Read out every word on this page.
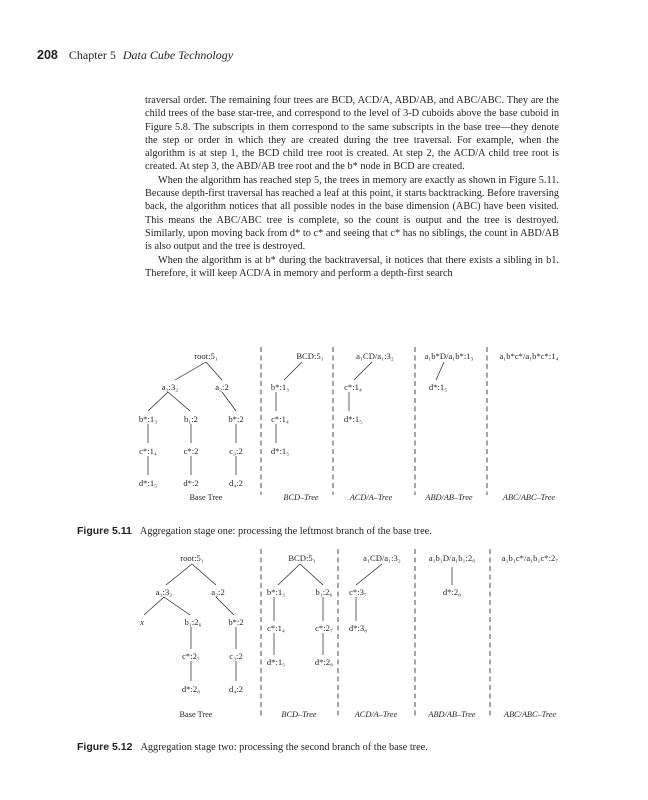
208 Chapter 5 Data Cube Technology

traversal order. The remaining four trees are BCD, ACD/A, ABD/AB, and ABC/ABC. They are the child trees of the base star-tree, and correspond to the level of 3-D cuboids above the base cuboid in Figure 5.8. The subscripts in them correspond to the same subscripts in the base tree—they denote the step or order in which they are created during the tree traversal. For example, when the algorithm is at step 1, the BCD child tree root is created. At step 2, the ACD/A child tree root is created. At step 3, the ABD/AB tree root and the b* node in BCD are created.

When the algorithm has reached step 5, the trees in memory are exactly as shown in Figure 5.11. Because depth-first traversal has reached a leaf at this point, it starts backtracking. Before traversing back, the algorithm notices that all possible nodes in the base dimension (ABC) have been visited. This means the ABC/ABC tree is complete, so the count is output and the tree is destroyed. Similarly, upon moving back from d* to c* and seeing that c* has no siblings, the count in ABD/AB is also output and the tree is destroyed.

When the algorithm is at b* during the backtraversal, it notices that there exists a sibling in b1. Therefore, it will keep ACD/A in memory and perform a depth-first search

root:5₁
a₁:3₂	a₂:2
b*:1₃	b₁:2	b*:2
c*:1₄	c*:2	c₃:2
d*:1₅	d*:2	d₄:2
Base Tree
BCD:5₁
b*:1₃
c*:1₄
d*:1₅
BCD–Tree
a₁CD/a₁:3₂
c*:1₄
d*:1₅
ACD/A–Tree
a₁b*D/a₁b*:1₃
d*:1₅
ABD/AB–Tree
a₁b*c*/a₁b*c*:1₄
ABC/ABC–Tree
Figure 5.11 Aggregation stage one: processing the leftmost branch of the base tree.
root:5₁
a₁:3₂	a₂:2
x	b₁:2₆	b*:2
c*:2₇	c₃:2
d*:2₈	d₄:2
Base Tree
BCD:5₁
b*:1₃	b₁:2₆
c*:1₄	c*:2₇
d*:1₅	d*:2₈
BCD–Tree
a₁CD/a₁:3₂
c*:3₇
d*:3₈
ACD/A–Tree
a₁b₁D/a₁b₁:2₆
d*:2₈
ABD/AB–Tree
a₁b₁c*/a₁b₁c*:2₇
ABC/ABC–Tree
Figure 5.12 Aggregation stage two: processing the second branch of the base tree.
